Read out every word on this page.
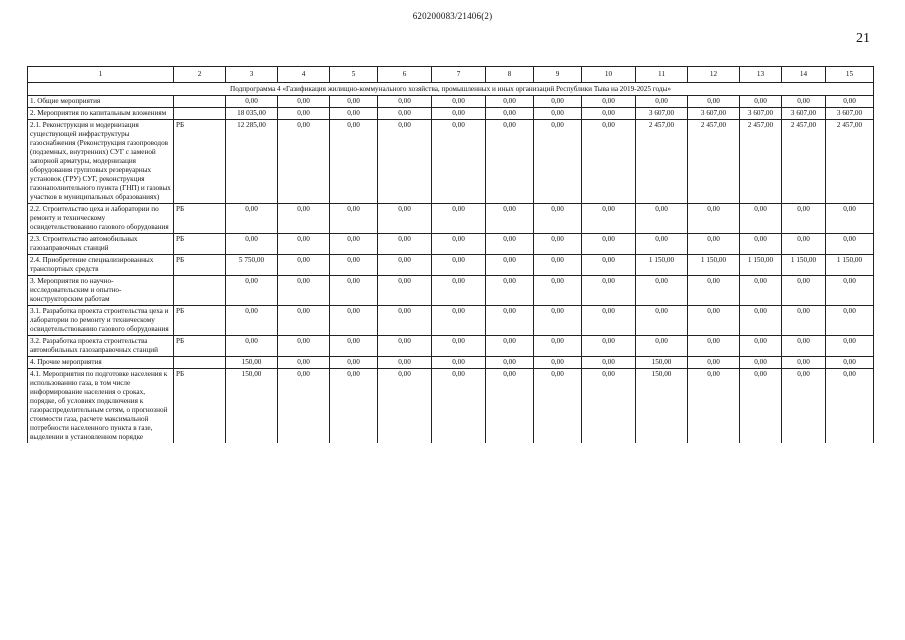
620200083/21406(2)
21
1	2	3	4	5	6	7	8	9	10	11	12	13	14	15
Подпрограмма 4 «Газификация жилищно-коммунального хозяйства, промышленных и иных организаций Республики Тыва на 2019-2025 годы»														
1. Общие мероприятия		0,00	0,00	0,00	0,00	0,00	0,00	0,00	0,00	0,00	0,00	0,00	0,00	0,00
2. Мероприятия по капитальным вложениям		18 035,00	0,00	0,00	0,00	0,00	0,00	0,00	0,00	3 607,00	3 607,00	3 607,00	3 607,00	3 607,00
2.1. Реконструкция и модернизация существующей инфраструктуры газоснабжения (Реконструкция газопроводов (подземных, внутренних) СУГ с заменой запорной арматуры, модернизация оборудования групповых резервуарных установок (ГРУ) СУГ, реконструкция газонаполнительного пункта (ГНП) и газовых участков в муниципальных образованиях)	РБ	12 285,00	0,00	0,00	0,00	0,00	0,00	0,00	0,00	2 457,00	2 457,00	2 457,00	2 457,00	2 457,00
2.2. Строительство цеха и лаборатории по ремонту и техническому освидетельствованию газового оборудования	РБ	0,00	0,00	0,00	0,00	0,00	0,00	0,00	0,00	0,00	0,00	0,00	0,00	0,00
2.3. Строительство автомобильных газозаправочных станций	РБ	0,00	0,00	0,00	0,00	0,00	0,00	0,00	0,00	0,00	0,00	0,00	0,00	0,00
2.4. Приобретение специализированных транспортных средств	РБ	5 750,00	0,00	0,00	0,00	0,00	0,00	0,00	0,00	1 150,00	1 150,00	1 150,00	1 150,00	1 150,00
3. Мероприятия по научно-исследовательским и опытно-конструкторским работам		0,00	0,00	0,00	0,00	0,00	0,00	0,00	0,00	0,00	0,00	0,00	0,00	0,00
3.1. Разработка проекта строительства цеха и лаборатории по ремонту и техническому освидетельствованию газового оборудования	РБ	0,00	0,00	0,00	0,00	0,00	0,00	0,00	0,00	0,00	0,00	0,00	0,00	0,00
3.2. Разработка проекта строительства автомобильных газозаправочных станций	РБ	0,00	0,00	0,00	0,00	0,00	0,00	0,00	0,00	0,00	0,00	0,00	0,00	0,00
4. Прочие мероприятия		150,00	0,00	0,00	0,00	0,00	0,00	0,00	0,00	150,00	0,00	0,00	0,00	0,00
4.1. Мероприятия по подготовке населения к использованию газа, в том числе информирование населения о сроках, порядке, об условиях подключения к газораспределительным сетям, о прогнозной стоимости газа, расчете максимальной потребности населенного пункта в газе, выделении в установленном порядке	РБ	150,00	0,00	0,00	0,00	0,00	0,00	0,00	0,00	150,00	0,00	0,00	0,00	0,00
